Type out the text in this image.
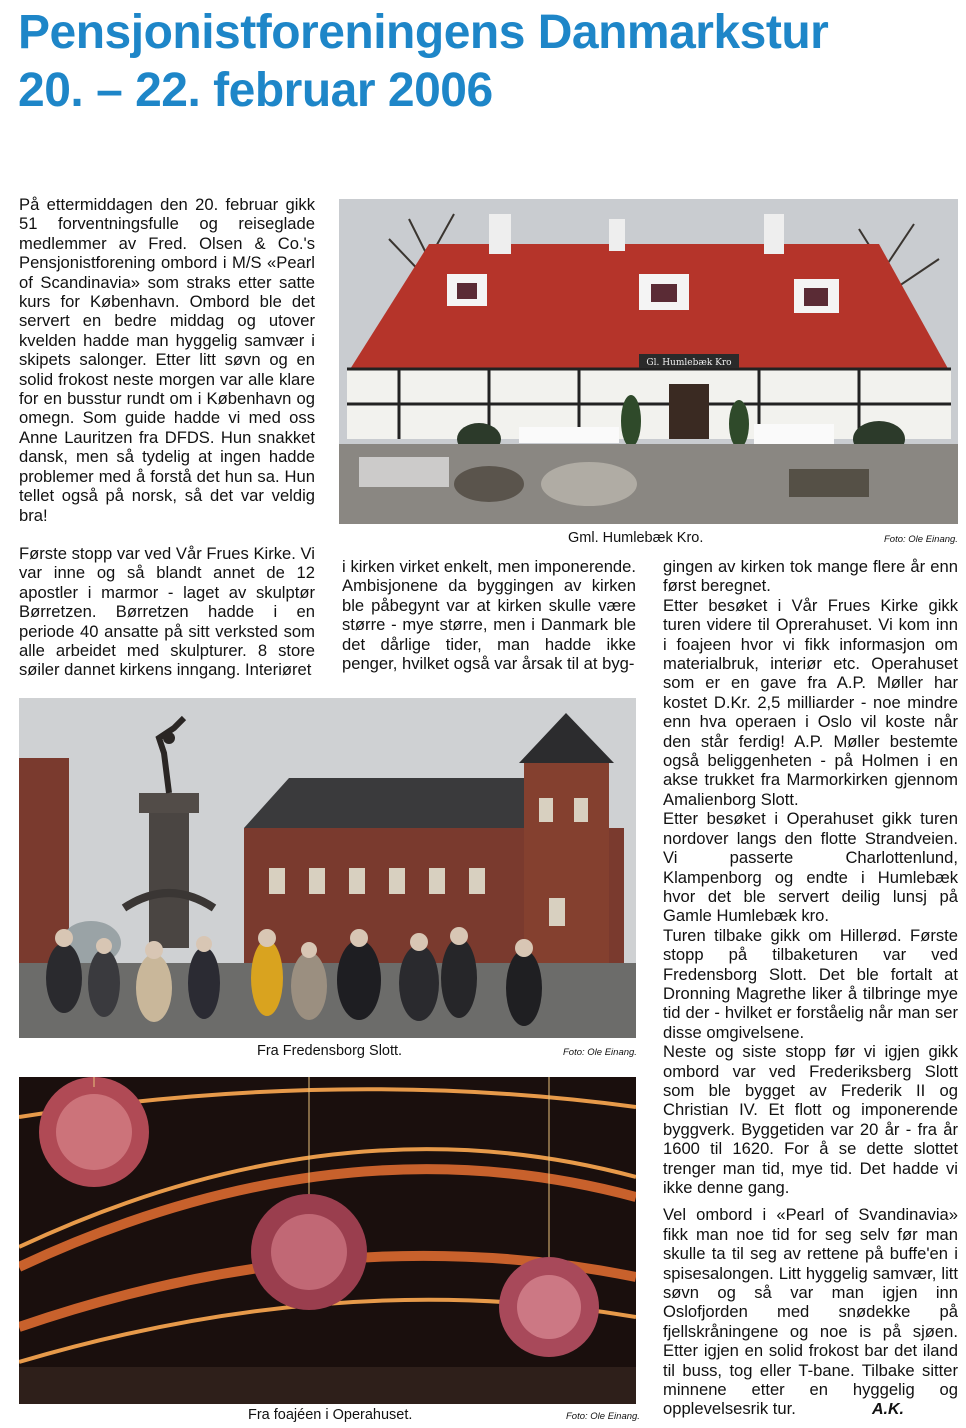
Pensjonistforeningens Danmarkstur
20. – 22. februar 2006

På ettermiddagen den 20. februar gikk 51 forventningsfulle og reiseglade medlemmer av Fred. Olsen & Co.'s Pensjonistforening ombord i M/S «Pearl of Scandinavia» som straks etter satte kurs for København. Ombord ble det servert en bedre middag og utover kvelden hadde man hyggelig samvær i skipets salonger. Etter litt søvn og en solid frokost neste morgen var alle klare for en busstur rundt om i København og omegn. Som guide hadde vi med oss Anne Lauritzen fra DFDS. Hun snakket dansk, men så tydelig at ingen hadde problemer med å forstå det hun sa. Hun tellet også på norsk, så det var veldig bra!

Første stopp var ved Vår Frues Kirke. Vi var inne og så blandt annet de 12 apostler i marmor - laget av skulptør Børretzen. Børretzen hadde i en periode 40 ansatte på sitt verksted som alle arbeidet med skulpturer. 8 store søiler dannet kirkens inngang. Interiøret

Gl. Humlebæk Kro
Gml. Humlebæk Kro.	Foto: Ole Einang.

i kirken virket enkelt, men imponerende. Ambisjonene da byggingen av kirken ble påbegynt var at kirken skulle være større - mye større, men i Danmark ble det dårlige tider, man hadde ikke penger, hvilket også var årsak til at byg-

gingen av kirken tok mange flere år enn først beregnet.

Etter besøket i Vår Frues Kirke gikk turen videre til Oprerahuset. Vi kom inn i foajeen hvor vi fikk informasjon om materialbruk, interiør etc. Operahuset som er en gave fra A.P. Møller har kostet D.Kr. 2,5 milliarder - noe mindre enn hva operaen i Oslo vil koste når den står ferdig! A.P. Møller bestemte også beliggenheten - på Holmen i en akse trukket fra Marmorkirken gjennom Amalienborg Slott.

Etter besøket i Operahuset gikk turen nordover langs den flotte Strandveien. Vi passerte Charlottenlund, Klampenborg og endte i Humlebæk hvor det ble servert deilig lunsj på Gamle Humlebæk kro.

Turen tilbake gikk om Hillerød. Første stopp på tilbaketuren var ved Fredensborg Slott. Det ble fortalt at Dronning Magrethe liker å tilbringe mye tid der - hvilket er forståelig når man ser disse omgivelsene.

Neste og siste stopp før vi igjen gikk ombord var ved Frederiksberg Slott som ble bygget av Frederik II og Christian IV. Et flott og imponerende byggverk. Byggetiden var 20 år - fra år 1600 til 1620. For å se dette slottet trenger man tid, mye tid. Det hadde vi ikke denne gang.

Vel ombord i «Pearl of Svandinavia» fikk man noe tid for seg selv før man skulle ta til seg av rettene på buffe'en i spisesalongen. Litt hyggelig samvær, litt søvn og så var man igjen inn Oslofjorden med snødekke på fjellskråningene og noe is på sjøen. Etter igjen en solid frokost bar det iland til buss, tog eller T-bane. Tilbake sitter minnene etter en hyggelig og opplevelsesrik tur.

Fra Fredensborg Slott.	Foto: Ole Einang.
Fra foajéen i Operahuset.	Foto: Ole Einang.	A.K.
